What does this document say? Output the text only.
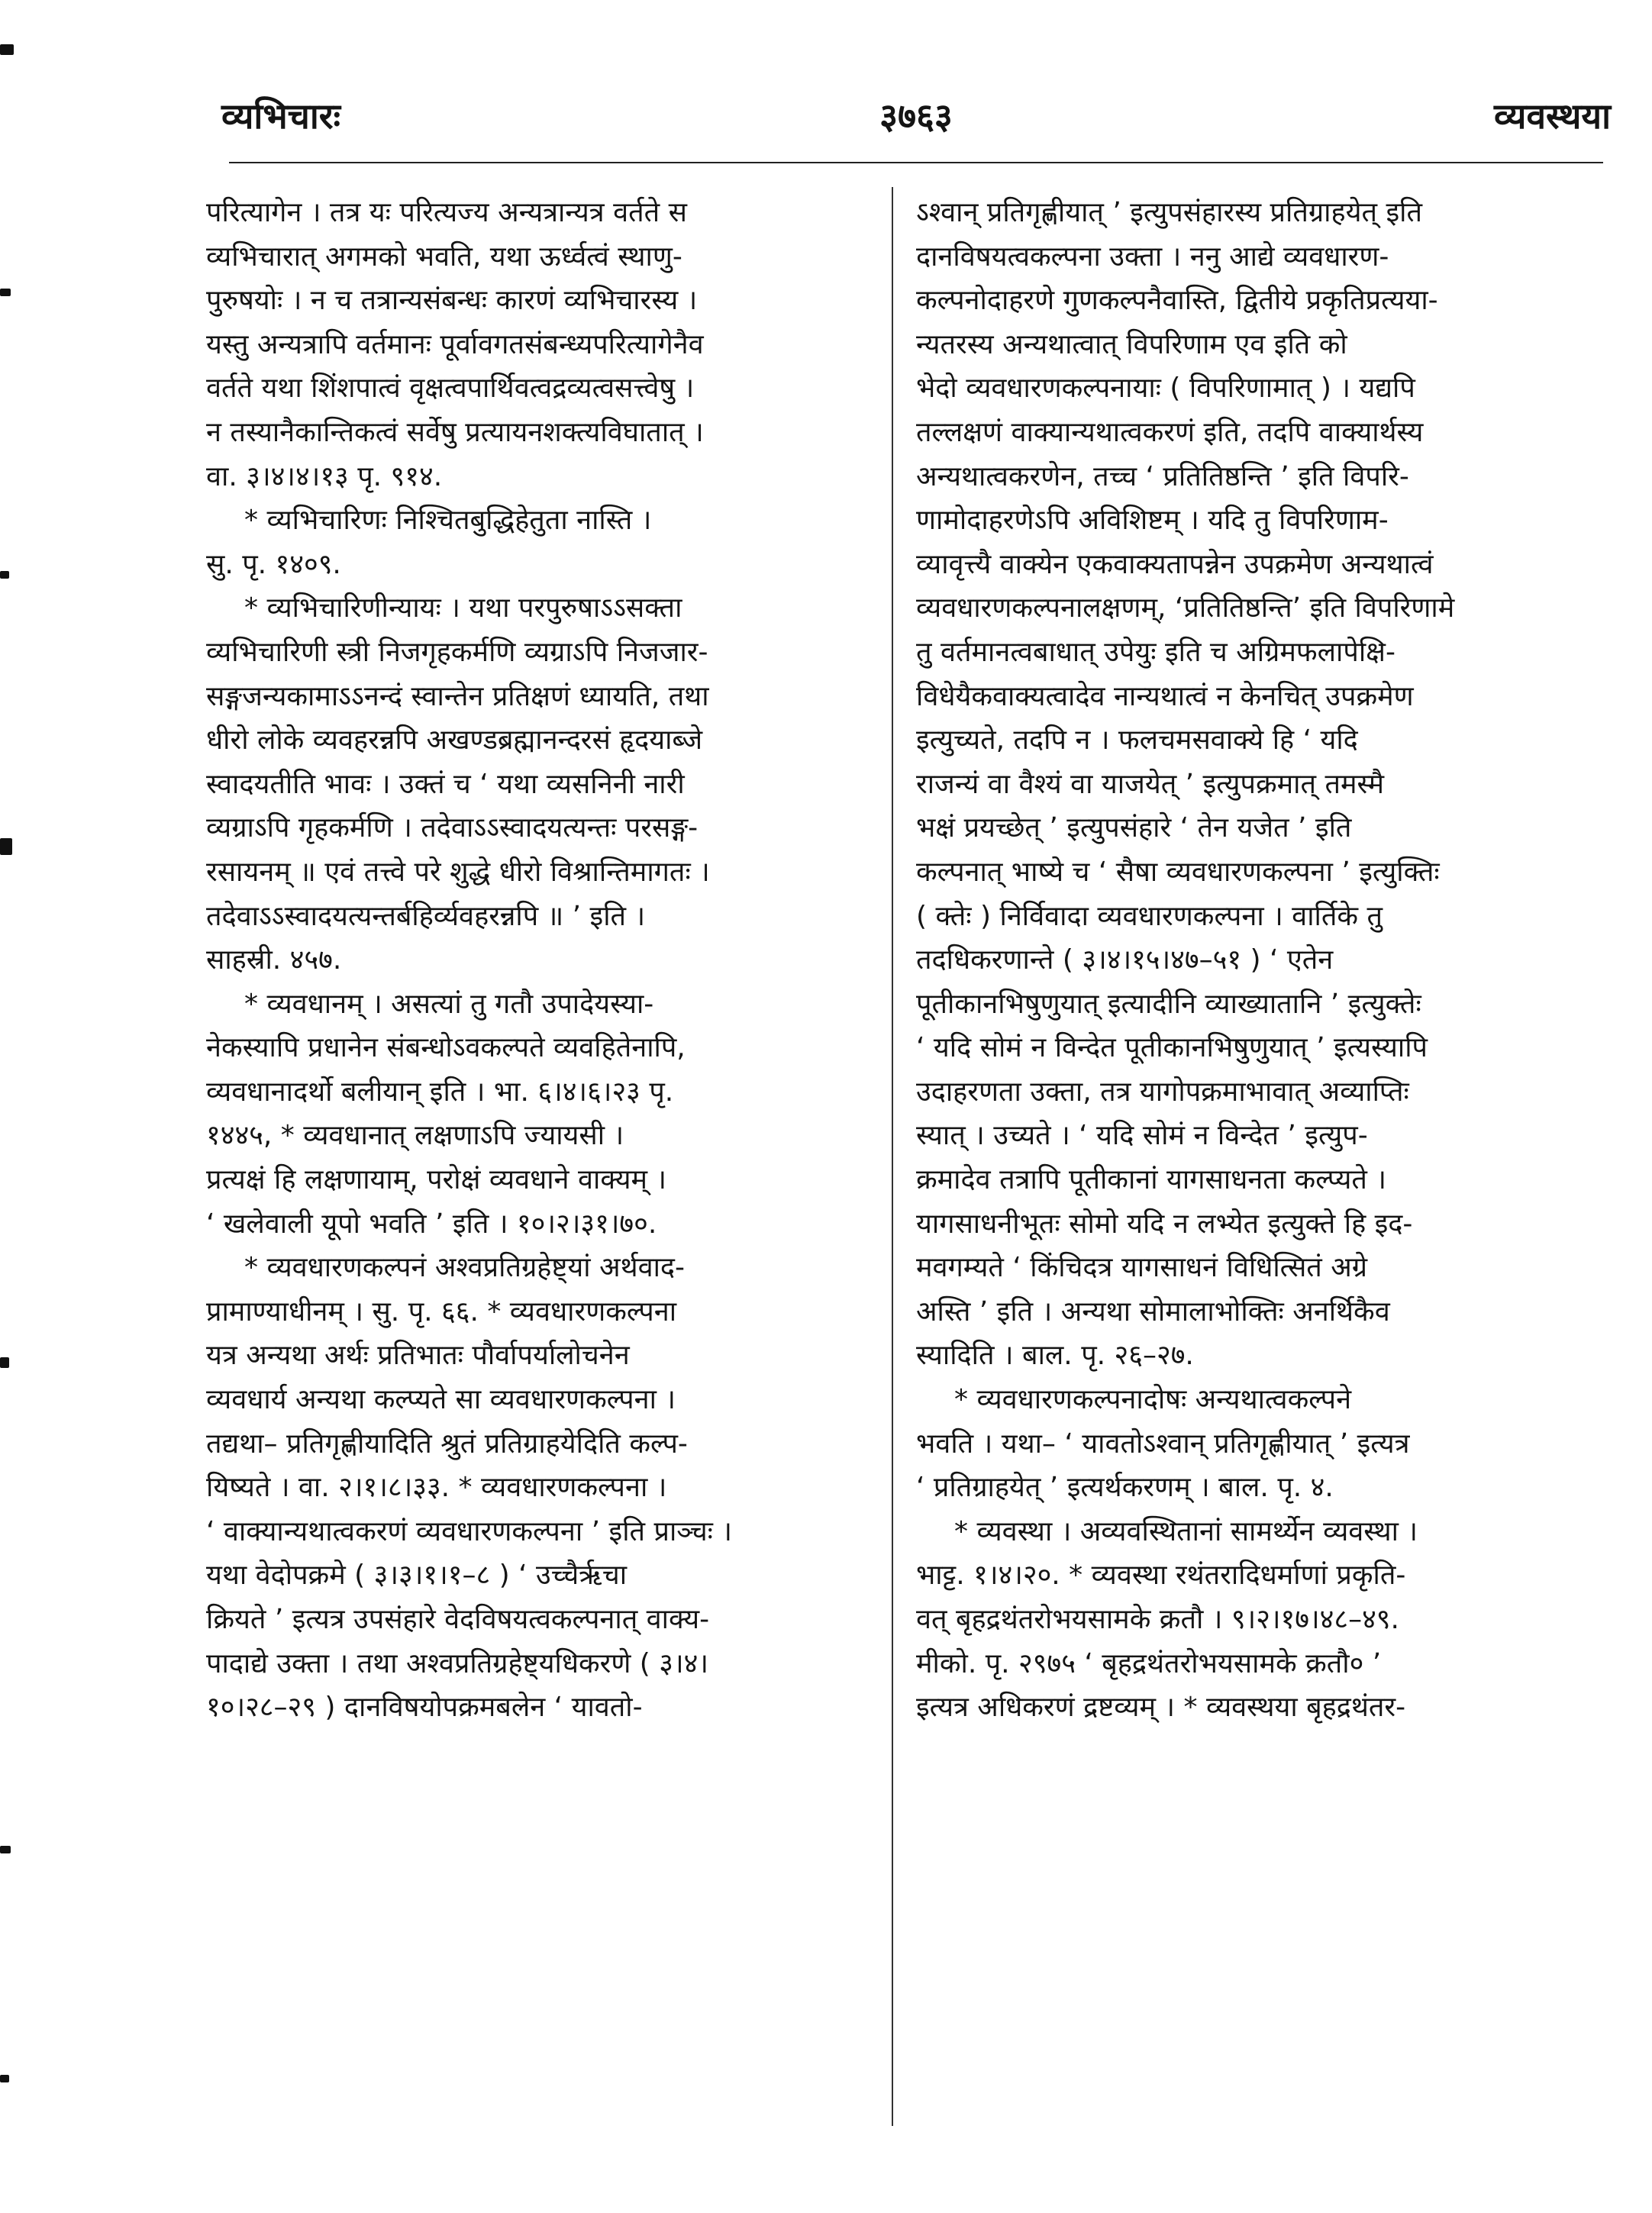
व्यभिचारः	३७६३	व्यवस्थया
परित्यागेन । तत्र यः परित्यज्य अन्यत्रान्यत्र वर्तते स
व्यभिचारात् अगमको भवति, यथा ऊर्ध्वत्वं स्थाणु-
पुरुषयोः । न च तत्रान्यसंबन्धः कारणं व्यभिचारस्य ।
यस्तु अन्यत्रापि वर्तमानः पूर्वावगतसंबन्ध्यपरित्यागेनैव
वर्तते यथा शिंशपात्वं वृक्षत्वपार्थिवत्वद्रव्यत्वसत्त्वेषु ।
न तस्यानैकान्तिकत्वं सर्वेषु प्रत्यायनशक्त्यविघातात् ।
वा. ३।४।४।१३ पृ. ९१४.
* व्यभिचारिणः निश्चितबुद्धिहेतुता नास्ति ।
सु. पृ. १४०९.
* व्यभिचारिणीन्यायः । यथा परपुरुषाऽऽसक्ता
व्यभिचारिणी स्त्री निजगृहकर्मणि व्यग्राऽपि निजजार-
सङ्गजन्यकामाऽऽनन्दं स्वान्तेन प्रतिक्षणं ध्यायति, तथा
धीरो लोके व्यवहरन्नपि अखण्डब्रह्मानन्दरसं हृदयाब्जे
स्वादयतीति भावः । उक्तं च ‘ यथा व्यसनिनी नारी
व्यग्राऽपि गृहकर्मणि । तदेवाऽऽस्वादयत्यन्तः परसङ्ग-
रसायनम् ॥ एवं तत्त्वे परे शुद्धे धीरो विश्रान्तिमागतः ।
तदेवाऽऽस्वादयत्यन्तर्बहिर्व्यवहरन्नपि ॥ ’ इति ।
साहस्री. ४५७.
* व्यवधानम् । असत्यां तु गतौ उपादेयस्या-
नेकस्यापि प्रधानेन संबन्धोऽवकल्पते व्यवहितेनापि,
व्यवधानादर्थो बलीयान् इति । भा. ६।४।६।२३ पृ.
१४४५, * व्यवधानात् लक्षणाऽपि ज्यायसी ।
प्रत्यक्षं हि लक्षणायाम्, परोक्षं व्यवधाने वाक्यम् ।
‘ खलेवाली यूपो भवति ’ इति । १०।२।३१।७०.
* व्यवधारणकल्पनं अश्वप्रतिग्रहेष्ट्यां अर्थवाद-
प्रामाण्याधीनम् । सु. पृ. ६६. * व्यवधारणकल्पना
यत्र अन्यथा अर्थः प्रतिभातः पौर्वापर्यालोचनेन
व्यवधार्य अन्यथा कल्प्यते सा व्यवधारणकल्पना ।
तद्यथा– प्रतिगृह्णीयादिति श्रुतं प्रतिग्राहयेदिति कल्प-
यिष्यते । वा. २।१।८।३३. * व्यवधारणकल्पना ।
‘ वाक्यान्यथात्वकरणं व्यवधारणकल्पना ’ इति प्राञ्चः ।
यथा वेदोपक्रमे ( ३।३।१।१–८ ) ‘ उच्चैर्ऋचा
क्रियते ’ इत्यत्र उपसंहारे वेदविषयत्वकल्पनात् वाक्य-
पादाद्ये उक्ता । तथा अश्वप्रतिग्रहेष्ट्यधिकरणे ( ३।४।
१०।२८–२९ ) दानविषयोपक्रमबलेन ‘ यावतो-
ऽश्वान् प्रतिगृह्णीयात् ’ इत्युपसंहारस्य प्रतिग्राहयेत् इति
दानविषयत्वकल्पना उक्ता । ननु आद्ये व्यवधारण-
कल्पनोदाहरणे गुणकल्पनैवास्ति, द्वितीये प्रकृतिप्रत्यया-
न्यतरस्य अन्यथात्वात् विपरिणाम एव इति को
भेदो व्यवधारणकल्पनायाः ( विपरिणामात् ) । यद्यपि
तल्लक्षणं वाक्यान्यथात्वकरणं इति, तदपि वाक्यार्थस्य
अन्यथात्वकरणेन, तच्च ‘ प्रतितिष्ठन्ति ’ इति विपरि-
णामोदाहरणेऽपि अविशिष्टम् । यदि तु विपरिणाम-
व्यावृत्त्यै वाक्येन एकवाक्यतापन्नेन उपक्रमेण अन्यथात्वं
व्यवधारणकल्पनालक्षणम्, ‘प्रतितिष्ठन्ति’ इति विपरिणामे
तु वर्तमानत्वबाधात् उपेयुः इति च अग्रिमफलापेक्षि-
विधेयैकवाक्यत्वादेव नान्यथात्वं न केनचित् उपक्रमेण
इत्युच्यते, तदपि न । फलचमसवाक्ये हि ‘ यदि
राजन्यं वा वैश्यं वा याजयेत् ’ इत्युपक्रमात् तमस्मै
भक्षं प्रयच्छेत् ’ इत्युपसंहारे ‘ तेन यजेत ’ इति
कल्पनात् भाष्ये च ‘ सैषा व्यवधारणकल्पना ’ इत्युक्तिः
( क्तेः ) निर्विवादा व्यवधारणकल्पना । वार्तिके तु
तदधिकरणान्ते ( ३।४।१५।४७–५१ ) ‘ एतेन
पूतीकानभिषुणुयात् इत्यादीनि व्याख्यातानि ’ इत्युक्तेः
‘ यदि सोमं न विन्देत पूतीकानभिषुणुयात् ’ इत्यस्यापि
उदाहरणता उक्ता, तत्र यागोपक्रमाभावात् अव्याप्तिः
स्यात् । उच्यते । ‘ यदि सोमं न विन्देत ’ इत्युप-
क्रमादेव तत्रापि पूतीकानां यागसाधनता कल्प्यते ।
यागसाधनीभूतः सोमो यदि न लभ्येत इत्युक्ते हि इद-
मवगम्यते ‘ किंचिदत्र यागसाधनं विधित्सितं अग्रे
अस्ति ’ इति । अन्यथा सोमालाभोक्तिः अनर्थिकैव
स्यादिति । बाल. पृ. २६–२७.
* व्यवधारणकल्पनादोषः अन्यथात्वकल्पने
भवति । यथा– ‘ यावतोऽश्वान् प्रतिगृह्णीयात् ’ इत्यत्र
‘ प्रतिग्राहयेत् ’ इत्यर्थकरणम् । बाल. पृ. ४.
* व्यवस्था । अव्यवस्थितानां सामर्थ्येन व्यवस्था ।
भाट्ट. १।४।२०. * व्यवस्था रथंतरादिधर्माणां प्रकृति-
वत् बृहद्रथंतरोभयसामके क्रतौ । ९।२।१७।४८–४९.
मीको. पृ. २९७५ ‘ बृहद्रथंतरोभयसामके क्रतौ० ’
इत्यत्र अधिकरणं द्रष्टव्यम् । * व्यवस्थया बृहद्रथंतर-
